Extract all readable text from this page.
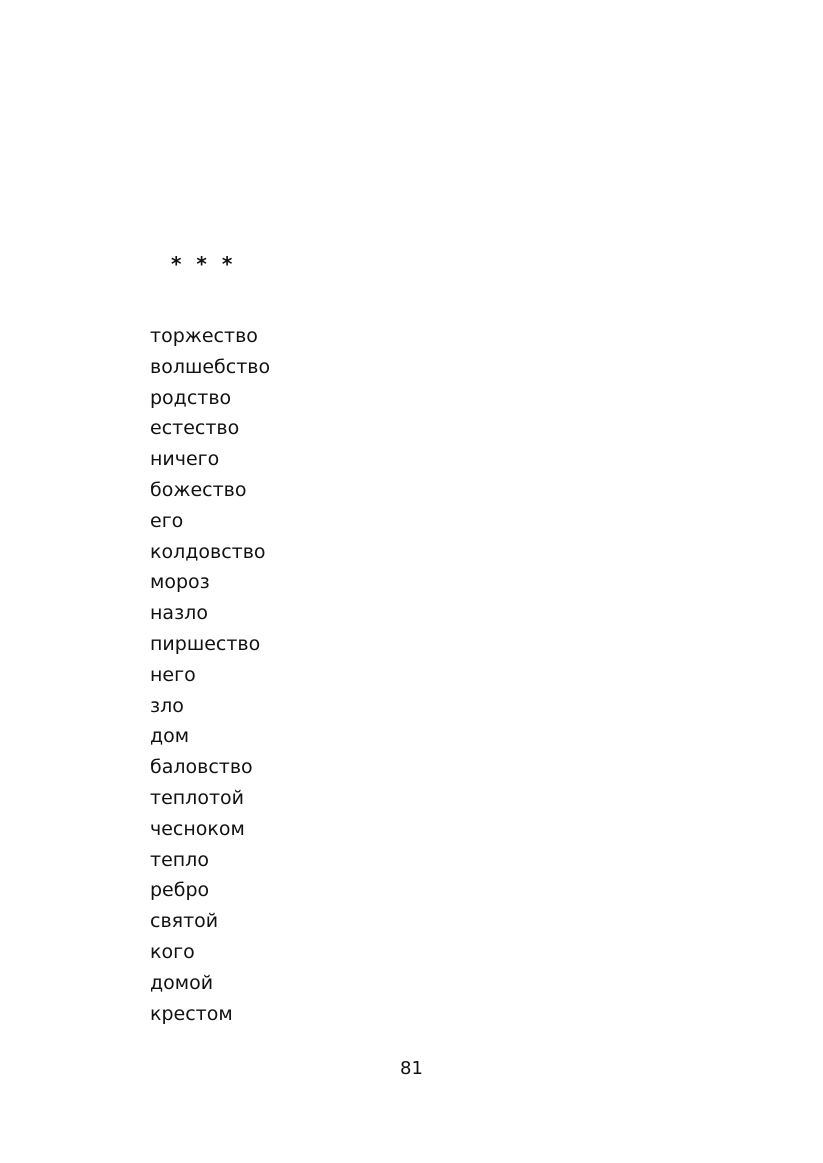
* * *
торжество
волшебство
родство
естество
ничего
божество
его
колдовство
мороз
назло
пиршество
него
зло
дом
баловство
теплотой
чесноком
тепло
ребро
святой
кого
домой
крестом
81
